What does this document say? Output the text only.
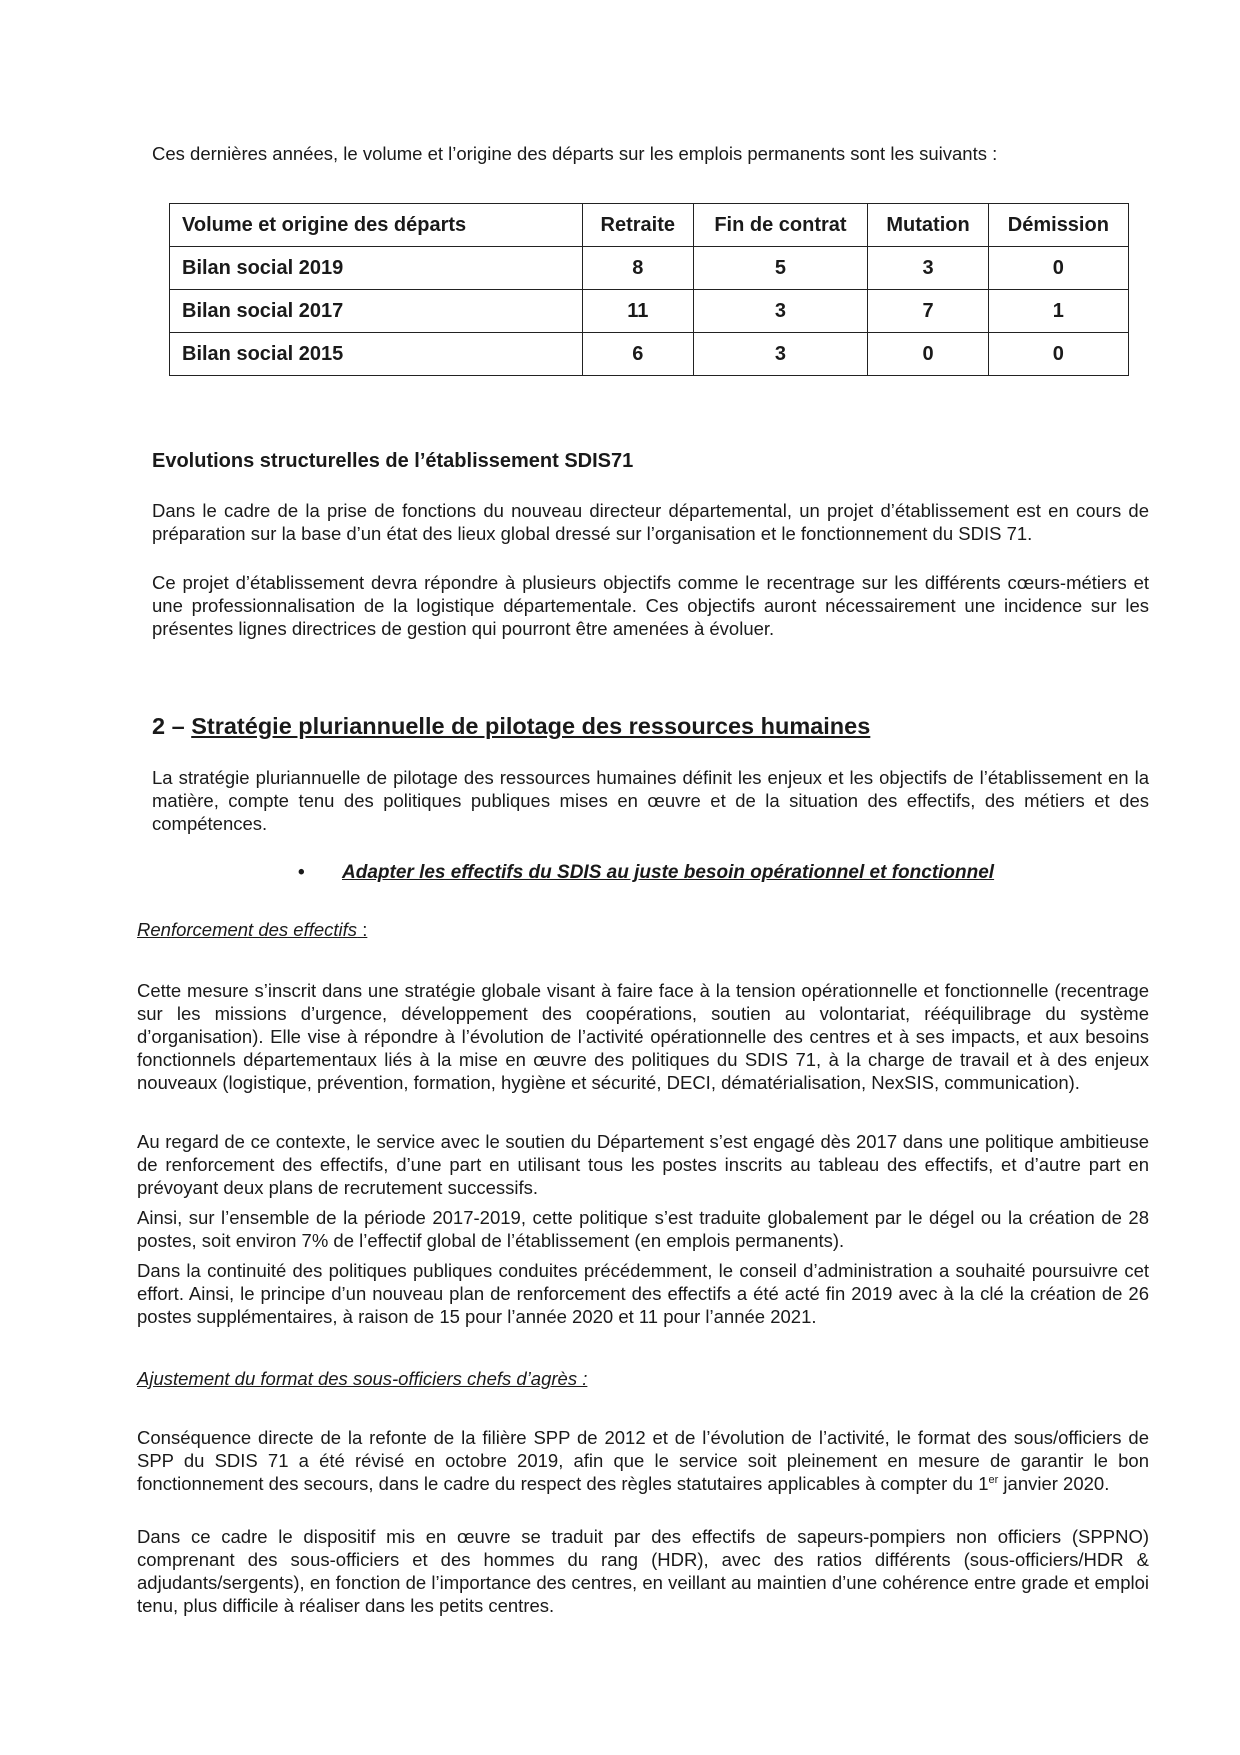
Ces dernières années, le volume et l’origine des départs sur les emplois permanents sont les suivants :

Volume et origine des départs	Retraite	Fin de contrat	Mutation	Démission
Bilan social 2019	8	5	3	0
Bilan social 2017	11	3	7	1
Bilan social 2015	6	3	0	0
Evolutions structurelles de l’établissement SDIS71

Dans le cadre de la prise de fonctions du nouveau directeur départemental, un projet d’établissement est en cours de préparation sur la base d’un état des lieux global dressé sur l’organisation et le fonctionnement du SDIS 71.

Ce projet d’établissement devra répondre à plusieurs objectifs comme le recentrage sur les différents cœurs-métiers et une professionnalisation de la logistique départementale. Ces objectifs auront nécessairement une incidence sur les présentes lignes directrices de gestion qui pourront être amenées à évoluer.

2 – Stratégie pluriannuelle de pilotage des ressources humaines

La stratégie pluriannuelle de pilotage des ressources humaines définit les enjeux et les objectifs de l’établissement en la matière, compte tenu des politiques publiques mises en œuvre et de la situation des effectifs, des métiers et des compétences.

• Adapter les effectifs du SDIS au juste besoin opérationnel et fonctionnel

Renforcement des effectifs :

Cette mesure s’inscrit dans une stratégie globale visant à faire face à la tension opérationnelle et fonctionnelle (recentrage sur les missions d’urgence, développement des coopérations, soutien au volontariat, rééquilibrage du système d’organisation). Elle vise à répondre à l’évolution de l’activité opérationnelle des centres et à ses impacts, et aux besoins fonctionnels départementaux liés à la mise en œuvre des politiques du SDIS 71, à la charge de travail et à des enjeux nouveaux (logistique, prévention, formation, hygiène et sécurité, DECI, dématérialisation, NexSIS, communication).

Au regard de ce contexte, le service avec le soutien du Département s’est engagé dès 2017 dans une politique ambitieuse de renforcement des effectifs, d’une part en utilisant tous les postes inscrits au tableau des effectifs, et d’autre part en prévoyant deux plans de recrutement successifs.

Ainsi, sur l’ensemble de la période 2017-2019, cette politique s’est traduite globalement par le dégel ou la création de 28 postes, soit environ 7% de l’effectif global de l’établissement (en emplois permanents).

Dans la continuité des politiques publiques conduites précédemment, le conseil d’administration a souhaité poursuivre cet effort. Ainsi, le principe d’un nouveau plan de renforcement des effectifs a été acté fin 2019 avec à la clé la création de 26 postes supplémentaires, à raison de 15 pour l’année 2020 et 11 pour l’année 2021.

Ajustement du format des sous-officiers chefs d’agrès :

Conséquence directe de la refonte de la filière SPP de 2012 et de l’évolution de l’activité, le format des sous/officiers de SPP du SDIS 71 a été révisé en octobre 2019, afin que le service soit pleinement en mesure de garantir le bon fonctionnement des secours, dans le cadre du respect des règles statutaires applicables à compter du 1er janvier 2020.

Dans ce cadre le dispositif mis en œuvre se traduit par des effectifs de sapeurs-pompiers non officiers (SPPNO) comprenant des sous-officiers et des hommes du rang (HDR), avec des ratios différents (sous-officiers/HDR & adjudants/sergents), en fonction de l’importance des centres, en veillant au maintien d’une cohérence entre grade et emploi tenu, plus difficile à réaliser dans les petits centres.
